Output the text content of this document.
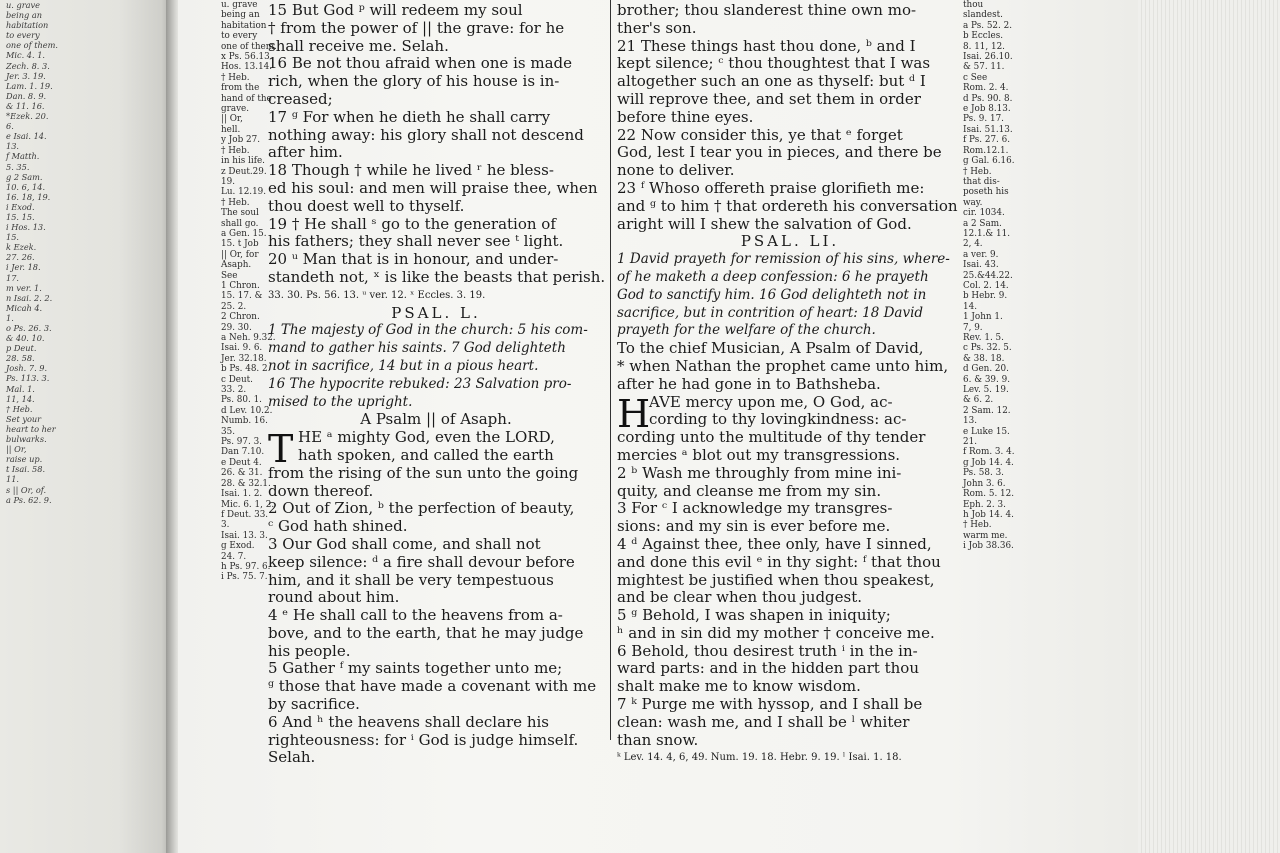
u. grave
being an
habitation
to every
one of them.
Mic. 4. 1.
Zech. 8. 3.
Jer. 3. 19.
Lam. 1. 19.
Dan. 8. 9.
& 11. 16.
*Ezek. 20.
6.
e Isai. 14.
13.
f Matth.
5. 35.
g 2 Sam.
10. 6, 14.
16. 18, 19.
i Exod.
15. 15.
i Hos. 13.
15.
k Ezek.
27. 26.
i Jer. 18.
17.
m ver. 1.
n Isai. 2. 2.
Micah 4.
1.
o Ps. 26. 3.
& 40. 10.
p Deut.
28. 58.
Josh. 7. 9.
Ps. 113. 3.
Mal. 1.
11, 14.
† Heb.
Set your
heart to her
bulwarks.
|| Or,
raise up.
t Isai. 58.
11.
s || Or, of.
a Ps. 62. 9.
u. grave
being an
habitation
to every
one of them.
x Ps. 56.13.
Hos. 13.14.
† Heb.
from the
hand of the
grave.
|| Or,
hell.
y Job 27.
† Heb.
in his life.
z Deut.29.
19.
Lu. 12.19.
† Heb.
The soul
shall go.
a Gen. 15.
15. t Job
|| Or, for
Asaph.
See
1 Chron.
15. 17. &
25. 2.
2 Chron.
29. 30.
a Neh. 9.32.
Isai. 9. 6.
Jer. 32.18.
b Ps. 48. 2.
c Deut.
33. 2.
Ps. 80. 1.
d Lev. 10.2.
Numb. 16.
35.
Ps. 97. 3.
Dan 7.10.
e Deut 4.
26. & 31.
28. & 32.1.
Isai. 1. 2.
Mic. 6. 1, 2.
f Deut. 33.
3.
Isai. 13. 3.
g Exod.
24. 7.
h Ps. 97. 6.
i Ps. 75. 7.
15 But God ᵖ will redeem my soul
† from the power of || the grave: for he
shall receive me. Selah.
16 Be not thou afraid when one is made
rich, when the glory of his house is in-
creased;
17 ᵍ For when he dieth he shall carry
nothing away: his glory shall not descend
after him.
18 Though † while he lived ʳ he bless-
ed his soul: and men will praise thee, when
thou doest well to thyself.
19 † He shall ˢ go to the generation of
his fathers; they shall never see ᵗ light.
20 ᵘ Man that is in honour, and under-
standeth not, ˣ is like the beasts that perish.
33. 30. Ps. 56. 13. ᵘ ver. 12. ˣ Eccles. 3. 19.
PSAL. L.
1 The majesty of God in the church: 5 his com-
mand to gather his saints. 7 God delighteth
not in sacrifice, 14 but in a pious heart.
16 The hypocrite rebuked: 23 Salvation pro-
mised to the upright.
A Psalm || of Asaph.
HE ᵃ mighty God, even the LORD,
hath spoken, and called the earth
from the rising of the sun unto the going
down thereof.
2 Out of Zion, ᵇ the perfection of beauty,
ᶜ God hath shined.
3 Our God shall come, and shall not
keep silence: ᵈ a fire shall devour before
him, and it shall be very tempestuous
round about him.
4 ᵉ He shall call to the heavens from a-
bove, and to the earth, that he may judge
his people.
5 Gather ᶠ my saints together unto me;
ᵍ those that have made a covenant with me
by sacrifice.
6 And ʰ the heavens shall declare his
righteousness: for ⁱ God is judge himself.
Selah.
T
brother; thou slanderest thine own mo-
ther's son.
21 These things hast thou done, ᵇ and I
kept silence; ᶜ thou thoughtest that I was
altogether such an one as thyself: but ᵈ I
will reprove thee, and set them in order
before thine eyes.
22 Now consider this, ye that ᵉ forget
God, lest I tear you in pieces, and there be
none to deliver.
23 ᶠ Whoso offereth praise glorifieth me:
and ᵍ to him † that ordereth his conversation
aright will I shew the salvation of God.
PSAL. LI.
1 David prayeth for remission of his sins, where-
of he maketh a deep confession: 6 he prayeth
God to sanctify him. 16 God delighteth not in
sacrifice, but in contrition of heart: 18 David
prayeth for the welfare of the church.
To the chief Musician, A Psalm of David,
* when Nathan the prophet came unto him,
after he had gone in to Bathsheba.
AVE mercy upon me, O God, ac-
cording to thy lovingkindness: ac-
cording unto the multitude of thy tender
mercies ᵃ blot out my transgressions.
2 ᵇ Wash me throughly from mine ini-
quity, and cleanse me from my sin.
3 For ᶜ I acknowledge my transgres-
sions: and my sin is ever before me.
4 ᵈ Against thee, thee only, have I sinned,
and done this evil ᵉ in thy sight: ᶠ that thou
mightest be justified when thou speakest,
and be clear when thou judgest.
5 ᵍ Behold, I was shapen in iniquity;
ʰ and in sin did my mother † conceive me.
6 Behold, thou desirest truth ⁱ in the in-
ward parts: and in the hidden part thou
shalt make me to know wisdom.
7 ᵏ Purge me with hyssop, and I shall be
clean: wash me, and I shall be ˡ whiter
than snow.
ᵏ Lev. 14. 4, 6, 49. Num. 19. 18. Hebr. 9. 19. ˡ Isai. 1. 18.
H
thou
slandest.
a Ps. 52. 2.
b Eccles.
8. 11, 12.
Isai. 26.10.
& 57. 11.
c See
Rom. 2. 4.
d Ps. 90. 8.
e Job 8.13.
Ps. 9. 17.
Isai. 51.13.
f Ps. 27. 6.
Rom.12.1.
g Gal. 6.16.
† Heb.
that dis-
poseth his
way.
cir. 1034.
a 2 Sam.
12.1.& 11.
2, 4.
a ver. 9.
Isai. 43.
25.&44.22.
Col. 2. 14.
b Hebr. 9.
14.
1 John 1.
7, 9.
Rev. 1. 5.
c Ps. 32. 5.
& 38. 18.
d Gen. 20.
6. & 39. 9.
Lev. 5. 19.
& 6. 2.
2 Sam. 12.
13.
e Luke 15.
21.
f Rom. 3. 4.
g Job 14. 4.
Ps. 58. 3.
John 3. 6.
Rom. 5. 12.
Eph. 2. 3.
h Job 14. 4.
† Heb.
warm me.
i Job 38.36.
